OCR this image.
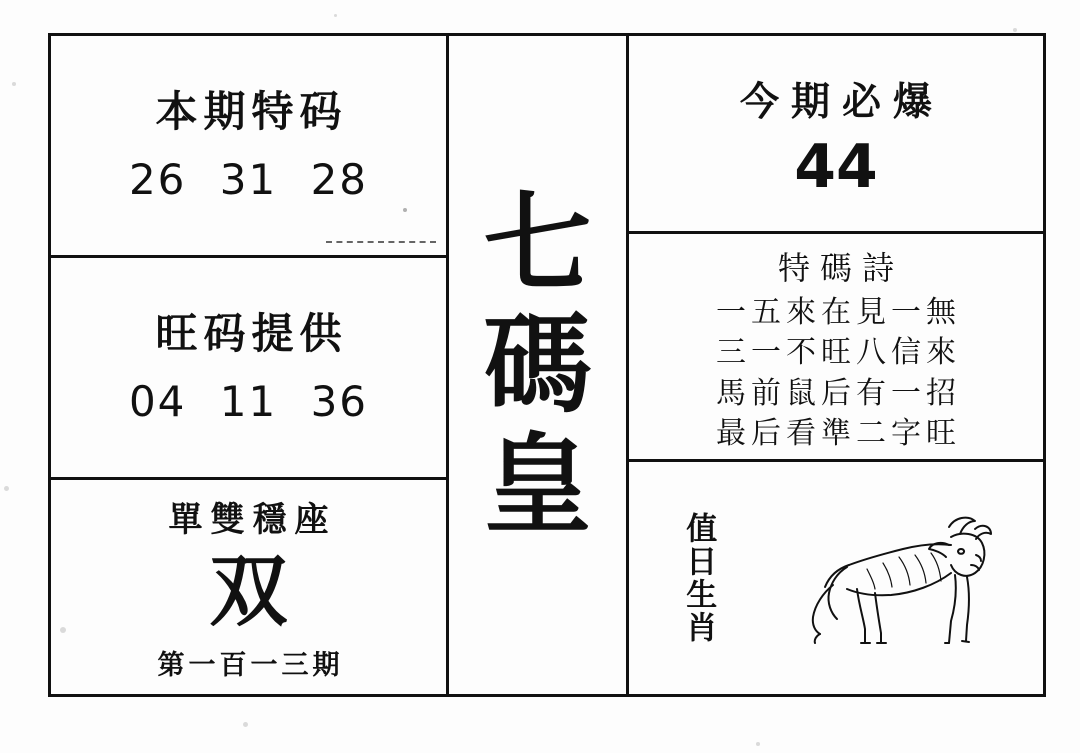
本期特码
26 31 28
旺码提供
04 11 36
單雙穩座
双
第一百一三期
七
碼
皇
今期必爆
44
特碼詩
一五來在見一無
三一不旺八信來
馬前鼠后有一招
最后看準二字旺
值日生肖
